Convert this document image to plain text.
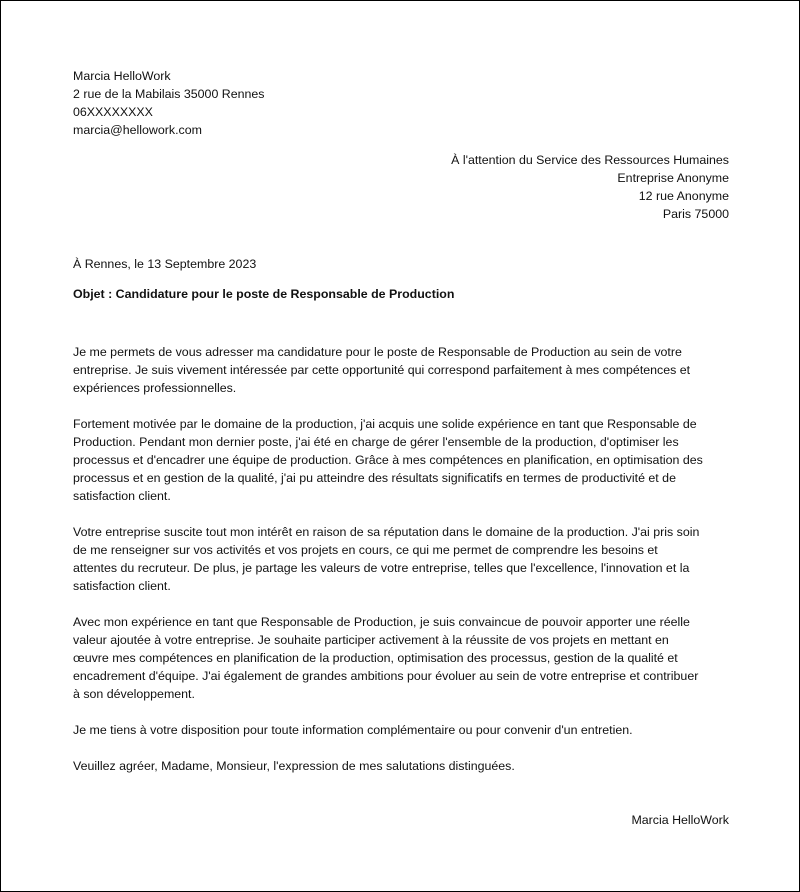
Marcia HelloWork
2 rue de la Mabilais 35000 Rennes
06XXXXXXXX
marcia@hellowork.com
À l'attention du Service des Ressources Humaines
Entreprise Anonyme
12 rue Anonyme
Paris 75000
À Rennes, le 13 Septembre 2023
Objet : Candidature pour le poste de Responsable de Production

Je me permets de vous adresser ma candidature pour le poste de Responsable de Production au sein de votre
entreprise. Je suis vivement intéressée par cette opportunité qui correspond parfaitement à mes compétences et
expériences professionnelles.

Fortement motivée par le domaine de la production, j'ai acquis une solide expérience en tant que Responsable de
Production. Pendant mon dernier poste, j'ai été en charge de gérer l'ensemble de la production, d'optimiser les
processus et d'encadrer une équipe de production. Grâce à mes compétences en planification, en optimisation des
processus et en gestion de la qualité, j'ai pu atteindre des résultats significatifs en termes de productivité et de
satisfaction client.

Votre entreprise suscite tout mon intérêt en raison de sa réputation dans le domaine de la production. J'ai pris soin
de me renseigner sur vos activités et vos projets en cours, ce qui me permet de comprendre les besoins et
attentes du recruteur. De plus, je partage les valeurs de votre entreprise, telles que l'excellence, l'innovation et la
satisfaction client.

Avec mon expérience en tant que Responsable de Production, je suis convaincue de pouvoir apporter une réelle
valeur ajoutée à votre entreprise. Je souhaite participer activement à la réussite de vos projets en mettant en
œuvre mes compétences en planification de la production, optimisation des processus, gestion de la qualité et
encadrement d'équipe. J'ai également de grandes ambitions pour évoluer au sein de votre entreprise et contribuer
à son développement.

Je me tiens à votre disposition pour toute information complémentaire ou pour convenir d'un entretien.

Veuillez agréer, Madame, Monsieur, l'expression de mes salutations distinguées.
Marcia HelloWork
